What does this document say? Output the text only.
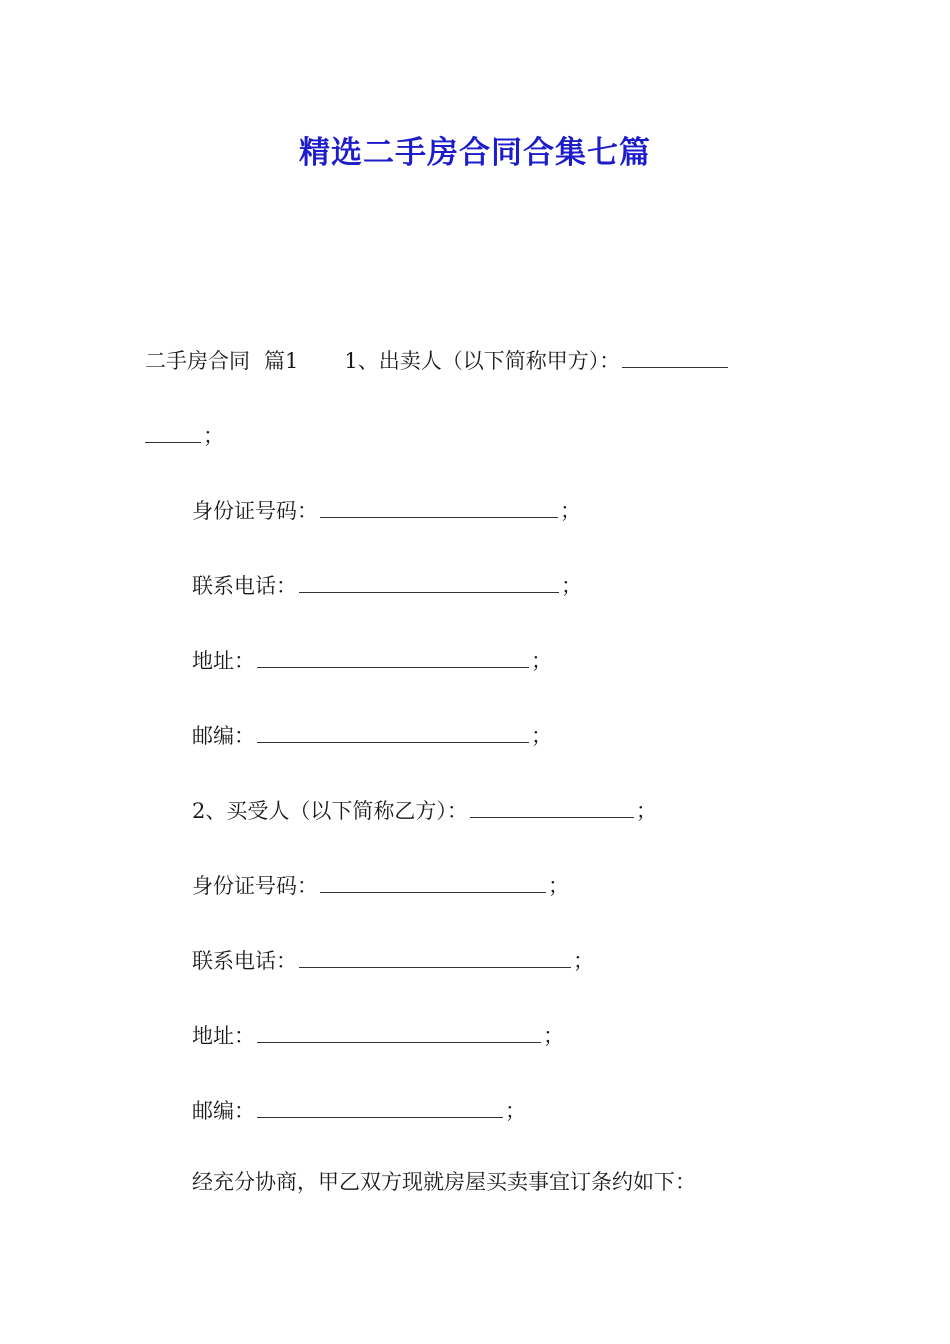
精选二手房合同合集七篇
二手房合同 篇1 1、出卖人（以下简称甲方）：
；
身份证号码：	；
联系电话：	；
地址：	；
邮编：	；
2、买受人（以下简称乙方）：	；
身份证号码：	；
联系电话：	；
地址：	；
邮编：	；
经充分协商，甲乙双方现就房屋买卖事宜订条约如下：
